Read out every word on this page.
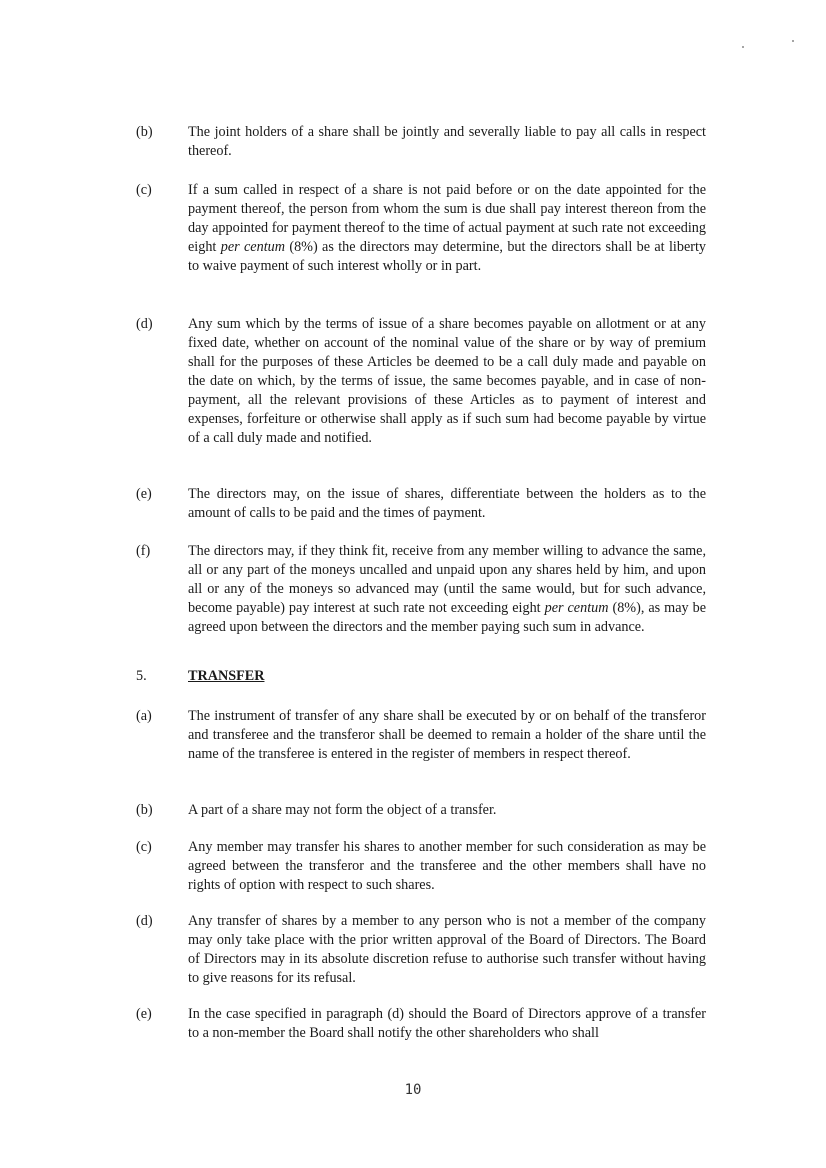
(b)	The joint holders of a share shall be jointly and severally liable to pay all calls in respect thereof.
(c)	If a sum called in respect of a share is not paid before or on the date appointed for the payment thereof, the person from whom the sum is due shall pay interest thereon from the day appointed for payment thereof to the time of actual payment at such rate not exceeding eight per centum (8%) as the directors may determine, but the directors shall be at liberty to waive payment of such interest wholly or in part.
(d)	Any sum which by the terms of issue of a share becomes payable on allotment or at any fixed date, whether on account of the nominal value of the share or by way of premium shall for the purposes of these Articles be deemed to be a call duly made and payable on the date on which, by the terms of issue, the same becomes payable, and in case of non-payment, all the relevant provisions of these Articles as to payment of interest and expenses, forfeiture or otherwise shall apply as if such sum had become payable by virtue of a call duly made and notified.
(e)	The directors may, on the issue of shares, differentiate between the holders as to the amount of calls to be paid and the times of payment.
(f)	The directors may, if they think fit, receive from any member willing to advance the same, all or any part of the moneys uncalled and unpaid upon any shares held by him, and upon all or any of the moneys so advanced may (until the same would, but for such advance, become payable) pay interest at such rate not exceeding eight per centum (8%), as may be agreed upon between the directors and the member paying such sum in advance.
5.	TRANSFER
(a)	The instrument of transfer of any share shall be executed by or on behalf of the transferor and transferee and the transferor shall be deemed to remain a holder of the share until the name of the transferee is entered in the register of members in respect thereof.
(b)	A part of a share may not form the object of a transfer.
(c)	Any member may transfer his shares to another member for such consideration as may be agreed between the transferor and the transferee and the other members shall have no rights of option with respect to such shares.
(d)	Any transfer of shares by a member to any person who is not a member of the company may only take place with the prior written approval of the Board of Directors. The Board of Directors may in its absolute discretion refuse to authorise such transfer without having to give reasons for its refusal.
(e)	In the case specified in paragraph (d) should the Board of Directors approve of a transfer to a non-member the Board shall notify the other shareholders who shall
10
